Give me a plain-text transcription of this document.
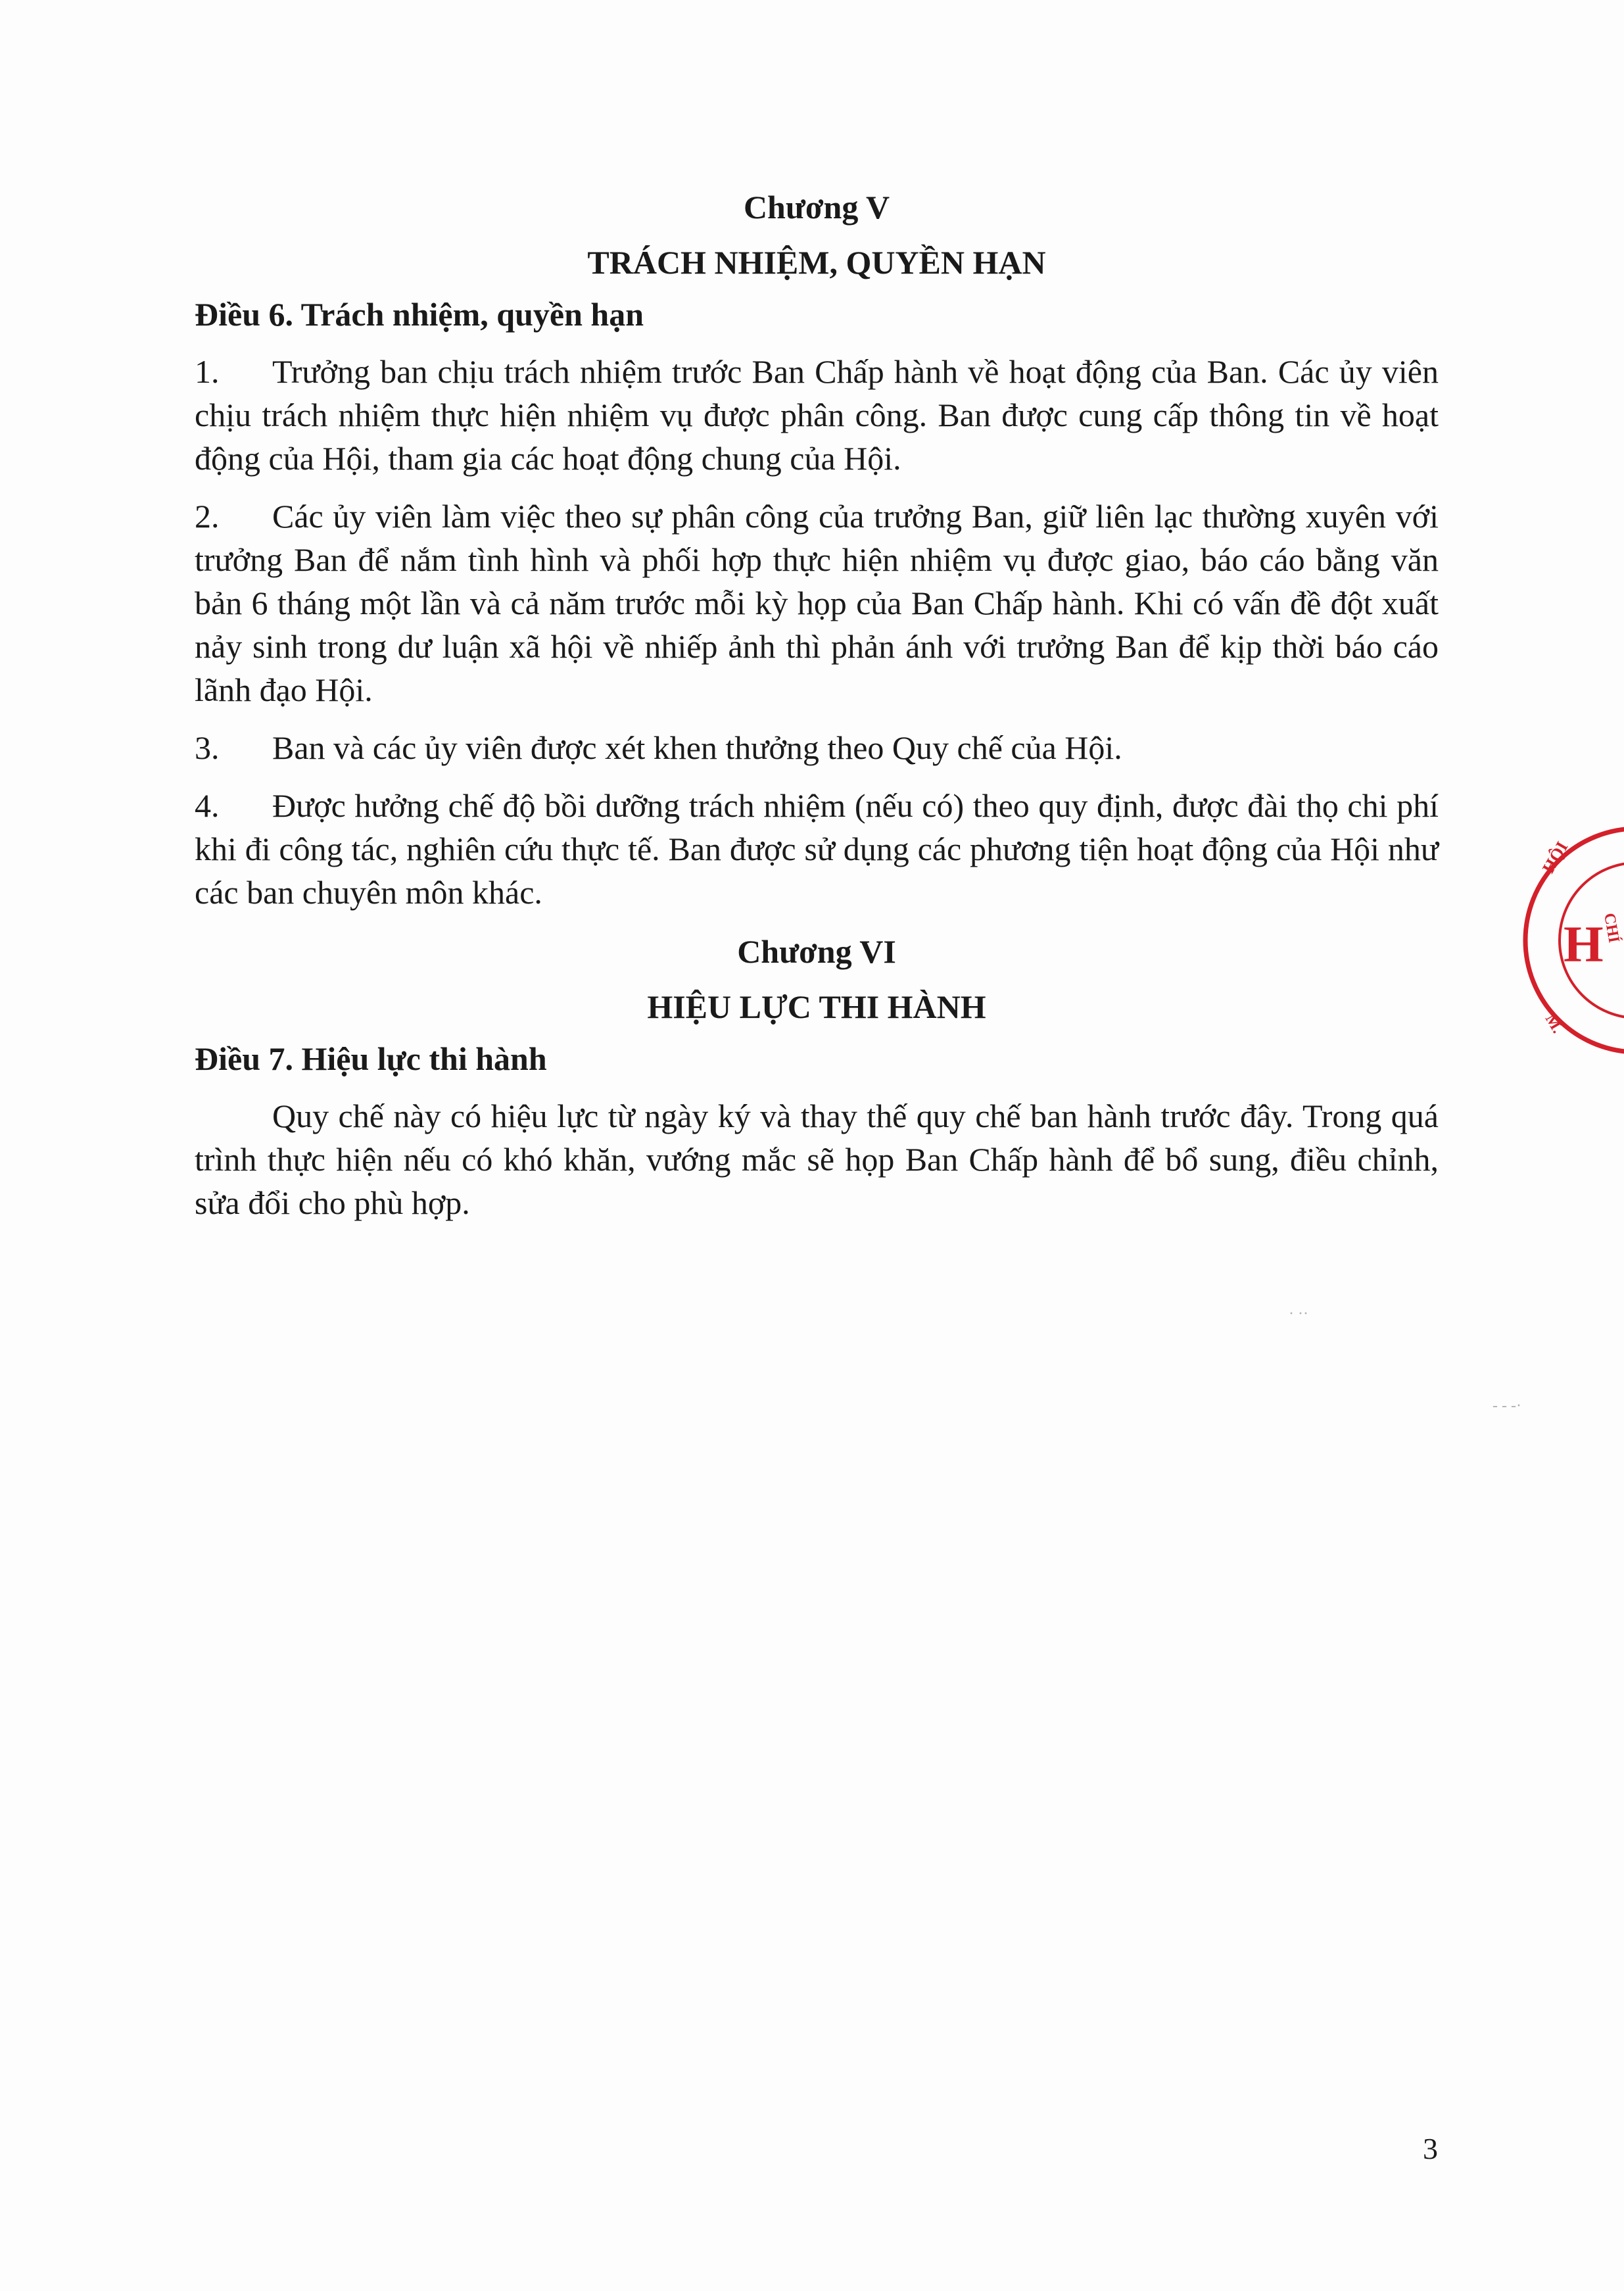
Chương V
TRÁCH NHIỆM, QUYỀN HẠN
Điều 6. Trách nhiệm, quyền hạn

1. Trưởng ban chịu trách nhiệm trước Ban Chấp hành về hoạt động của Ban. Các ủy viên chịu trách nhiệm thực hiện nhiệm vụ được phân công. Ban được cung cấp thông tin về hoạt động của Hội, tham gia các hoạt động chung của Hội.

2. Các ủy viên làm việc theo sự phân công của trưởng Ban, giữ liên lạc thường xuyên với trưởng Ban để nắm tình hình và phối hợp thực hiện nhiệm vụ được giao, báo cáo bằng văn bản 6 tháng một lần và cả năm trước mỗi kỳ họp của Ban Chấp hành. Khi có vấn đề đột xuất nảy sinh trong dư luận xã hội về nhiếp ảnh thì phản ánh với trưởng Ban để kịp thời báo cáo lãnh đạo Hội.

3. Ban và các ủy viên được xét khen thưởng theo Quy chế của Hội.

4. Được hưởng chế độ bồi dưỡng trách nhiệm (nếu có) theo quy định, được đài thọ chi phí khi đi công tác, nghiên cứu thực tế. Ban được sử dụng các phương tiện hoạt động của Hội như các ban chuyên môn khác.

Chương VI
HIỆU LỰC THI HÀNH
Điều 7. Hiệu lực thi hành

Quy chế này có hiệu lực từ ngày ký và thay thế quy chế ban hành trước đây. Trong quá trình thực hiện nếu có khó khăn, vướng mắc sẽ họp Ban Chấp hành để bổ sung, điều chỉnh, sửa đổi cho phù hợp.

HỘI
H
CHÍ
M.
· ··
- - -·
3
